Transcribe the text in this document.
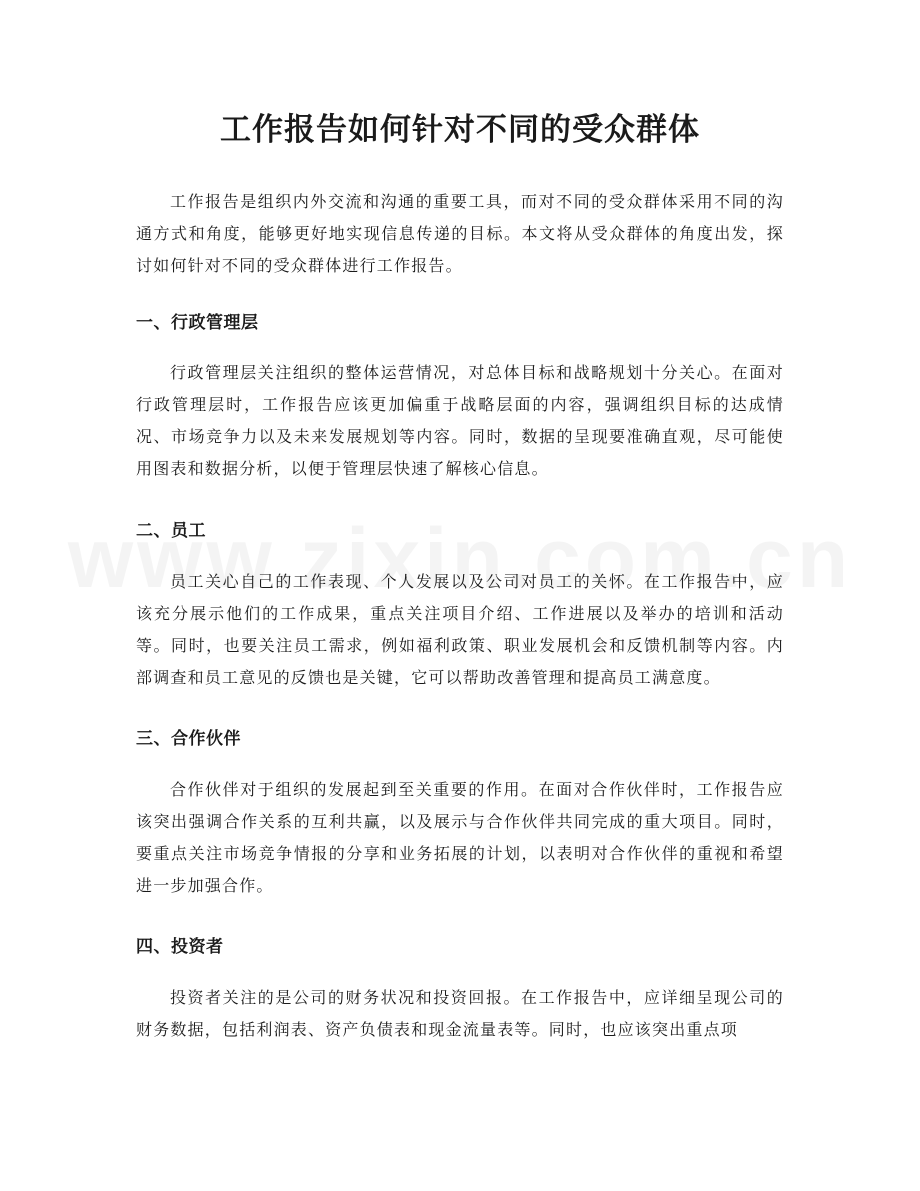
工作报告如何针对不同的受众群体

工作报告是组织内外交流和沟通的重要工具，而对不同的受众群体采用不同的沟通方式和角度，能够更好地实现信息传递的目标。本文将从受众群体的角度出发，探讨如何针对不同的受众群体进行工作报告。

一、行政管理层

行政管理层关注组织的整体运营情况，对总体目标和战略规划十分关心。在面对行政管理层时，工作报告应该更加偏重于战略层面的内容，强调组织目标的达成情况、市场竞争力以及未来发展规划等内容。同时，数据的呈现要准确直观，尽可能使用图表和数据分析，以便于管理层快速了解核心信息。

二、员工

员工关心自己的工作表现、个人发展以及公司对员工的关怀。在工作报告中，应该充分展示他们的工作成果，重点关注项目介绍、工作进展以及举办的培训和活动等。同时，也要关注员工需求，例如福利政策、职业发展机会和反馈机制等内容。内部调查和员工意见的反馈也是关键，它可以帮助改善管理和提高员工满意度。

三、合作伙伴

合作伙伴对于组织的发展起到至关重要的作用。在面对合作伙伴时，工作报告应该突出强调合作关系的互利共赢，以及展示与合作伙伴共同完成的重大项目。同时，要重点关注市场竞争情报的分享和业务拓展的计划，以表明对合作伙伴的重视和希望进一步加强合作。

四、投资者

投资者关注的是公司的财务状况和投资回报。在工作报告中，应详细呈现公司的财务数据，包括利润表、资产负债表和现金流量表等。同时，也应该突出重点项
